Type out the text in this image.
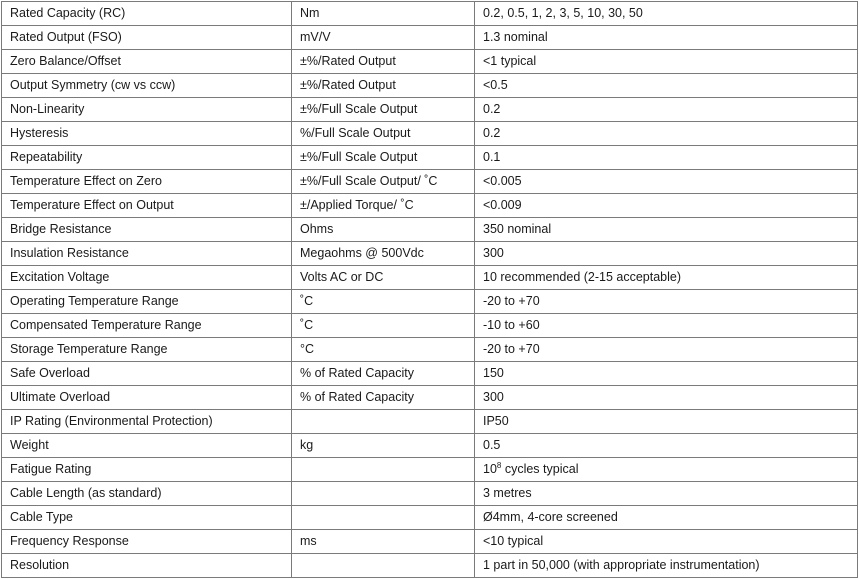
Rated Capacity (RC)	Nm	0.2, 0.5, 1, 2, 3, 5, 10, 30, 50
Rated Output (FSO)	mV/V	1.3 nominal
Zero Balance/Offset	±%/Rated Output	<1 typical
Output Symmetry (cw vs ccw)	±%/Rated Output	<0.5
Non-Linearity	±%/Full Scale Output	0.2
Hysteresis	%/Full Scale Output	0.2
Repeatability	±%/Full Scale Output	0.1
Temperature Effect on Zero	±%/Full Scale Output/ ˚C	<0.005
Temperature Effect on Output	±/Applied Torque/ ˚C	<0.009
Bridge Resistance	Ohms	350 nominal
Insulation Resistance	Megaohms @ 500Vdc	300
Excitation Voltage	Volts AC or DC	10 recommended (2-15 acceptable)
Operating Temperature Range	˚C	-20 to +70
Compensated Temperature Range	˚C	-10 to +60
Storage Temperature Range	°C	-20 to +70
Safe Overload	% of Rated Capacity	150
Ultimate Overload	% of Rated Capacity	300
IP Rating (Environmental Protection)		IP50
Weight	kg	0.5
Fatigue Rating		$10^8$ cycles typical
Cable Length (as standard)		3 metres
Cable Type		Ø4mm, 4-core screened
Frequency Response	ms	<10 typical
Resolution		1 part in 50,000 (with appropriate instrumentation)
